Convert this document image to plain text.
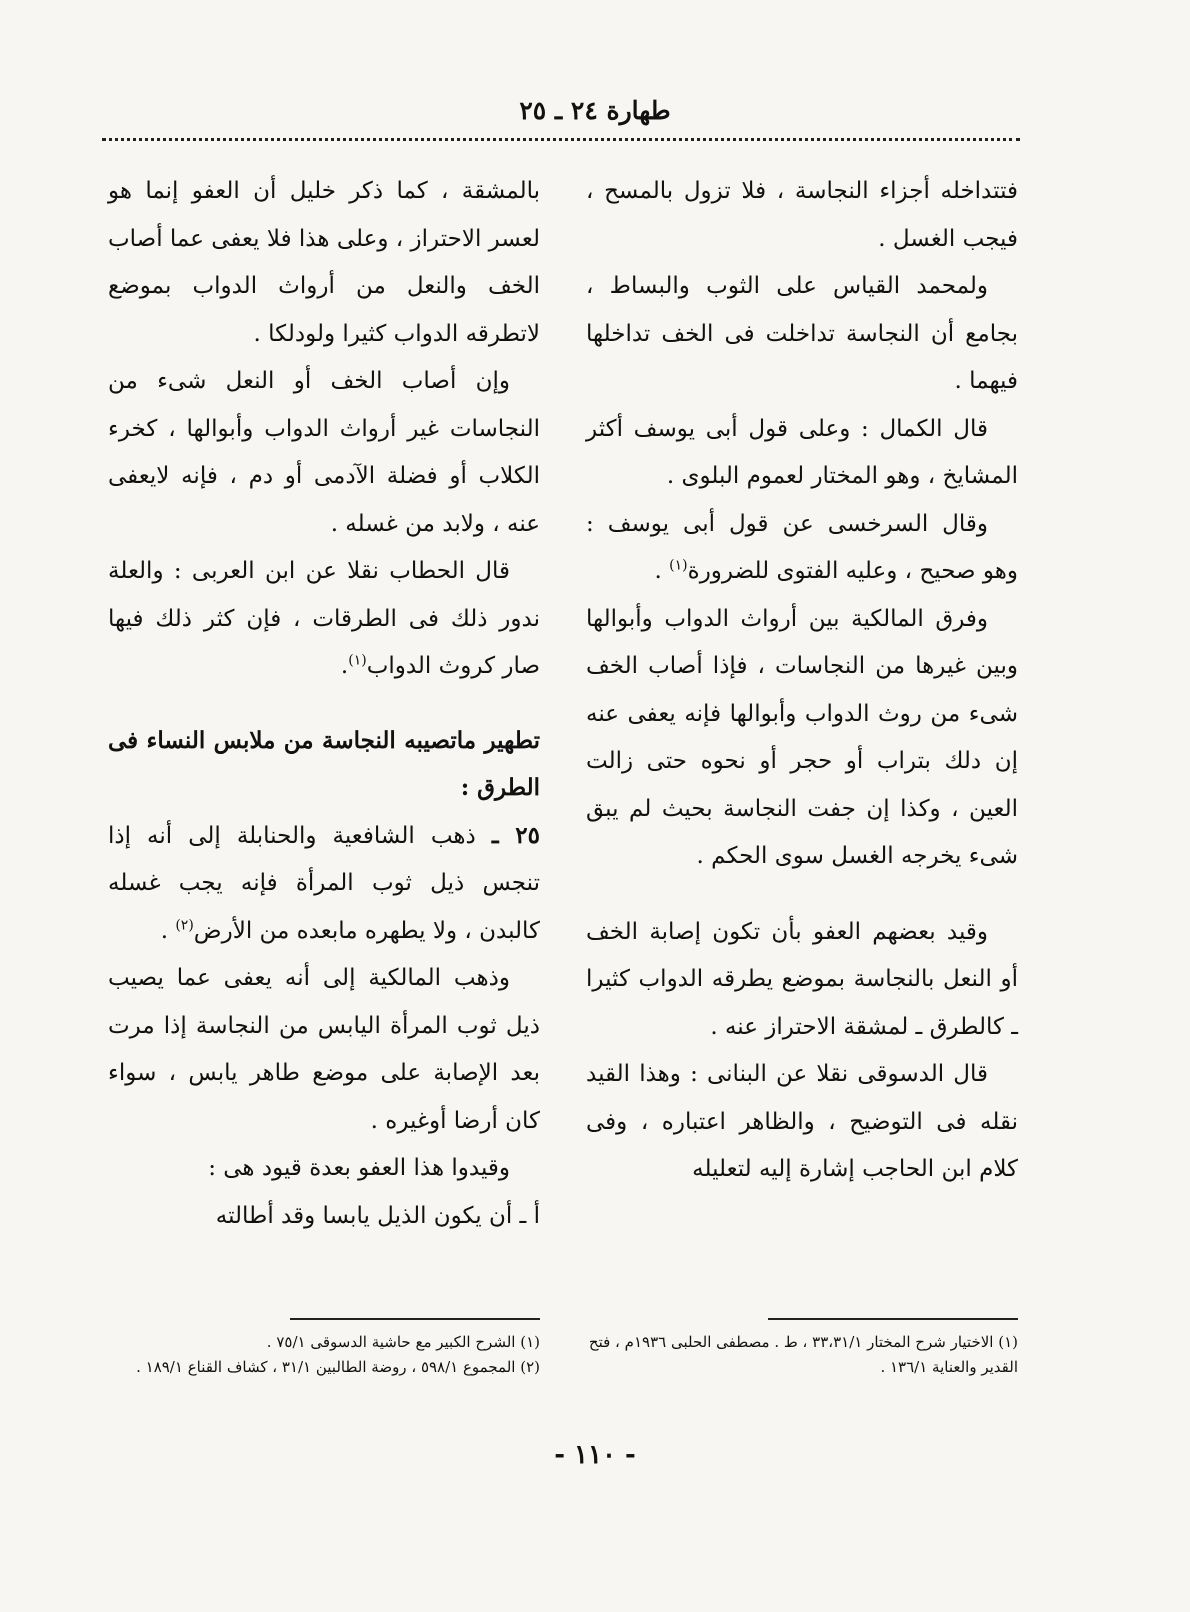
طهارة ٢٤ ـ ٢٥

فتتداخله أجزاء النجاسة ، فلا تزول بالمسح ، فيجب الغسل .

ولمحمد القياس على الثوب والبساط ، بجامع أن النجاسة تداخلت فى الخف تداخلها فيهما .

قال الكمال : وعلى قول أبى يوسف أكثر المشايخ ، وهو المختار لعموم البلوى .

وقال السرخسى عن قول أبى يوسف : وهو صحيح ، وعليه الفتوى للضرورة$^{(١)}$ .

وفرق المالكية بين أرواث الدواب وأبوالها وبين غيرها من النجاسات ، فإذا أصاب الخف شىء من روث الدواب وأبوالها فإنه يعفى عنه إن دلك بتراب أو حجر أو نحوه حتى زالت العين ، وكذا إن جفت النجاسة بحيث لم يبق شىء يخرجه الغسل سوى الحكم .

وقيد بعضهم العفو بأن تكون إصابة الخف أو النعل بالنجاسة بموضع يطرقه الدواب كثيرا ـ كالطرق ـ لمشقة الاحتراز عنه .

قال الدسوقى نقلا عن البنانى : وهذا القيد نقله فى التوضيح ، والظاهر اعتباره ، وفى كلام ابن الحاجب إشارة إليه لتعليله

بالمشقة ، كما ذكر خليل أن العفو إنما هو لعسر الاحتراز ، وعلى هذا فلا يعفى عما أصاب الخف والنعل من أرواث الدواب بموضع لاتطرقه الدواب كثيرا ولودلكا .

وإن أصاب الخف أو النعل شىء من النجاسات غير أرواث الدواب وأبوالها ، كخرء الكلاب أو فضلة الآدمى أو دم ، فإنه لايعفى عنه ، ولابد من غسله .

قال الحطاب نقلا عن ابن العربى : والعلة ندور ذلك فى الطرقات ، فإن كثر ذلك فيها صار كروث الدواب$^{(١)}$.

تطهير ماتصيبه النجاسة من ملابس النساء فى الطرق :

٢٥ ـ ذهب الشافعية والحنابلة إلى أنه إذا تنجس ذيل ثوب المرأة فإنه يجب غسله كالبدن ، ولا يطهره مابعده من الأرض$^{(٢)}$ .

وذهب المالكية إلى أنه يعفى عما يصيب ذيل ثوب المرأة اليابس من النجاسة إذا مرت بعد الإصابة على موضع طاهر يابس ، سواء كان أرضا أوغيره .

وقيدوا هذا العفو بعدة قيود هى :

أ ـ أن يكون الذيل يابسا وقد أطالته

(١) الاختيار شرح المختار ٣٣،٣١/١ ، ط . مصطفى الحلبى ١٩٣٦م ، فتح القدير والعناية ١٣٦/١ .

(١) الشرح الكبير مع حاشية الدسوقى ٧٥/١ .

(٢) المجموع ٥٩٨/١ ، روضة الطالبين ٣١/١ ، كشاف القناع ١٨٩/١ .

- ١١٠ -
